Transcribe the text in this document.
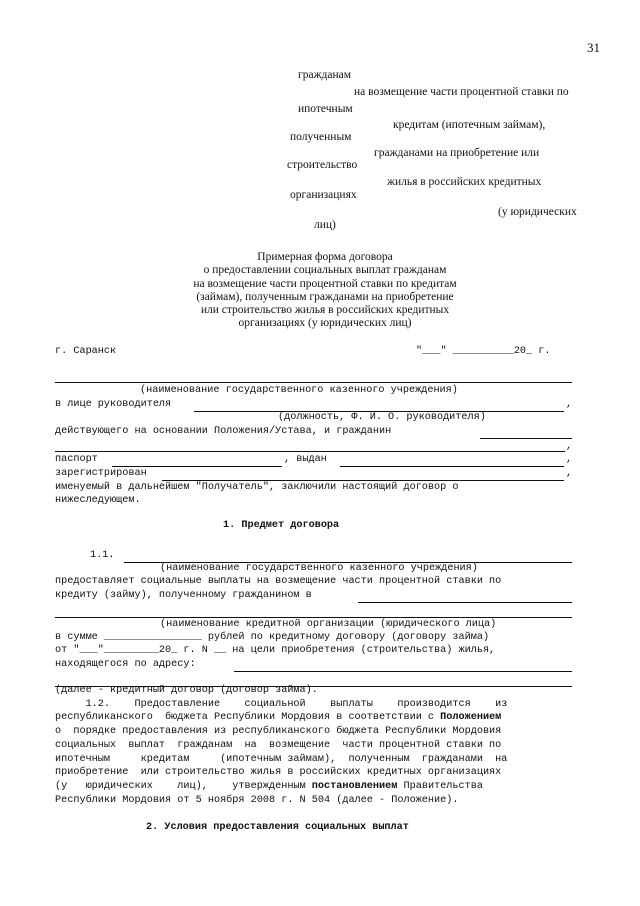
31
гражданам
на возмещение части процентной ставки по
ипотечным
кредитам (ипотечным займам),
полученным
гражданами на приобретение или
строительство
жилья в российских кредитных
организациях
(у юридических
лиц)
Примерная форма договора
о предоставлении социальных выплат гражданам
на возмещение части процентной ставки по кредитам
(займам), полученным гражданами на приобретение
или строительство жилья в российских кредитных
организациях (у юридических лиц)
г. Саранск	"___" __________20_ г.
(наименование государственного казенного учреждения)
в лице руководителя	,
(должность, Ф. И. О. руководителя)
действующего на основании Положения/Устава, и гражданин
,
паспорт	, выдан	,
зарегистрирован	,
именуемый в дальнейшем "Получатель", заключили настоящий договор о
нижеследующем.
1. Предмет договора
1.1.
(наименование государственного казенного учреждения)
предоставляет социальные выплаты на возмещение части процентной ставки по
кредиту (займу), полученному гражданином в
(наименование кредитной организации (юридического лица)
в сумме ________________ рублей по кредитному договору (договору займа)
от "___"_________20_ г. N __ на цели приобретения (строительства) жилья,
находящегося по адресу:
(далее - кредитный договор (договор займа).
1.2.    Предоставление    социальной    выплаты    производится    из
республиканского  бюджета Республики Мордовия в соответствии с Положением
о  порядке предоставления из республиканского бюджета Республики Мордовия
социальных  выплат  гражданам  на  возмещение  части процентной ставки по
ипотечным     кредитам     (ипотечным займам),  полученным  гражданами  на
приобретение  или строительство жилья в российских кредитных организациях
(у   юридических    лиц),    утвержденным постановлением Правительства
Республики Мордовия от 5 ноября 2008 г. N 504 (далее - Положение).
2. Условия предоставления социальных выплат
